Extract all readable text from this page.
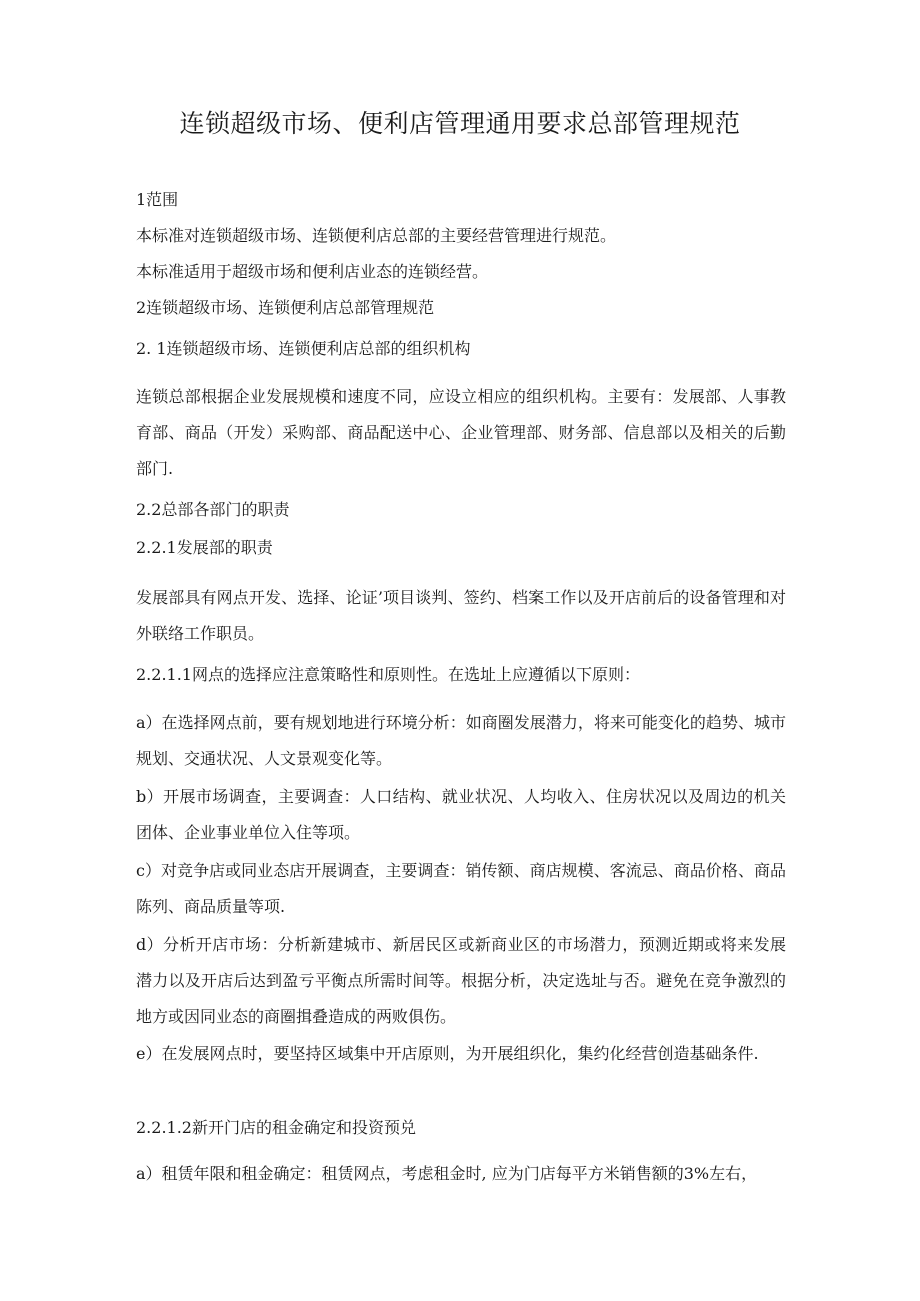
连锁超级市场、便利店管理通用要求总部管理规范

1范围

本标准对连锁超级市场、连锁便利店总部的主要经营管理进行规范。

本标准适用于超级市场和便利店业态的连锁经营。

2连锁超级市场、连锁便利店总部管理规范

2. 1连锁超级市场、连锁便利店总部的组织机构

连锁总部根据企业发展规模和速度不同，应设立相应的组织机构。主要有：发展部、人事教育部、商品（开发）采购部、商品配送中心、企业管理部、财务部、信息部以及相关的后勤部门.

2.2总部各部门的职责

2.2.1发展部的职责

发展部具有网点开发、选择、论证’项目谈判、签约、档案工作以及开店前后的设备管理和对外联络工作职员。

2.2.1.1网点的选择应注意策略性和原则性。在选址上应遵循以下原则：

a）在选择网点前，要有规划地进行环境分析：如商圈发展潜力，将来可能变化的趋势、城市规划、交通状况、人文景观变化等。

b）开展市场调查，主要调查：人口结构、就业状况、人均收入、住房状况以及周边的机关团体、企业事业单位入住等项。

c）对竞争店或同业态店开展调查，主要调查：销传额、商店规模、客流忌、商品价格、商品陈列、商品质量等项.

d）分析开店市场：分析新建城市、新居民区或新商业区的市场潜力，预测近期或将来发展潜力以及开店后达到盈亏平衡点所需时间等。根据分析，决定选址与否。避免在竞争激烈的地方或因同业态的商圈揖叠造成的两败俱伤。

e）在发展网点时，要坚持区域集中开店原则，为开展组织化，集约化经营创造基础条件.

2.2.1.2新开门店的租金确定和投资预兑

a）租赁年限和租金确定：租赁网点，考虑租金时, 应为门店每平方米销售额的3%左右，
